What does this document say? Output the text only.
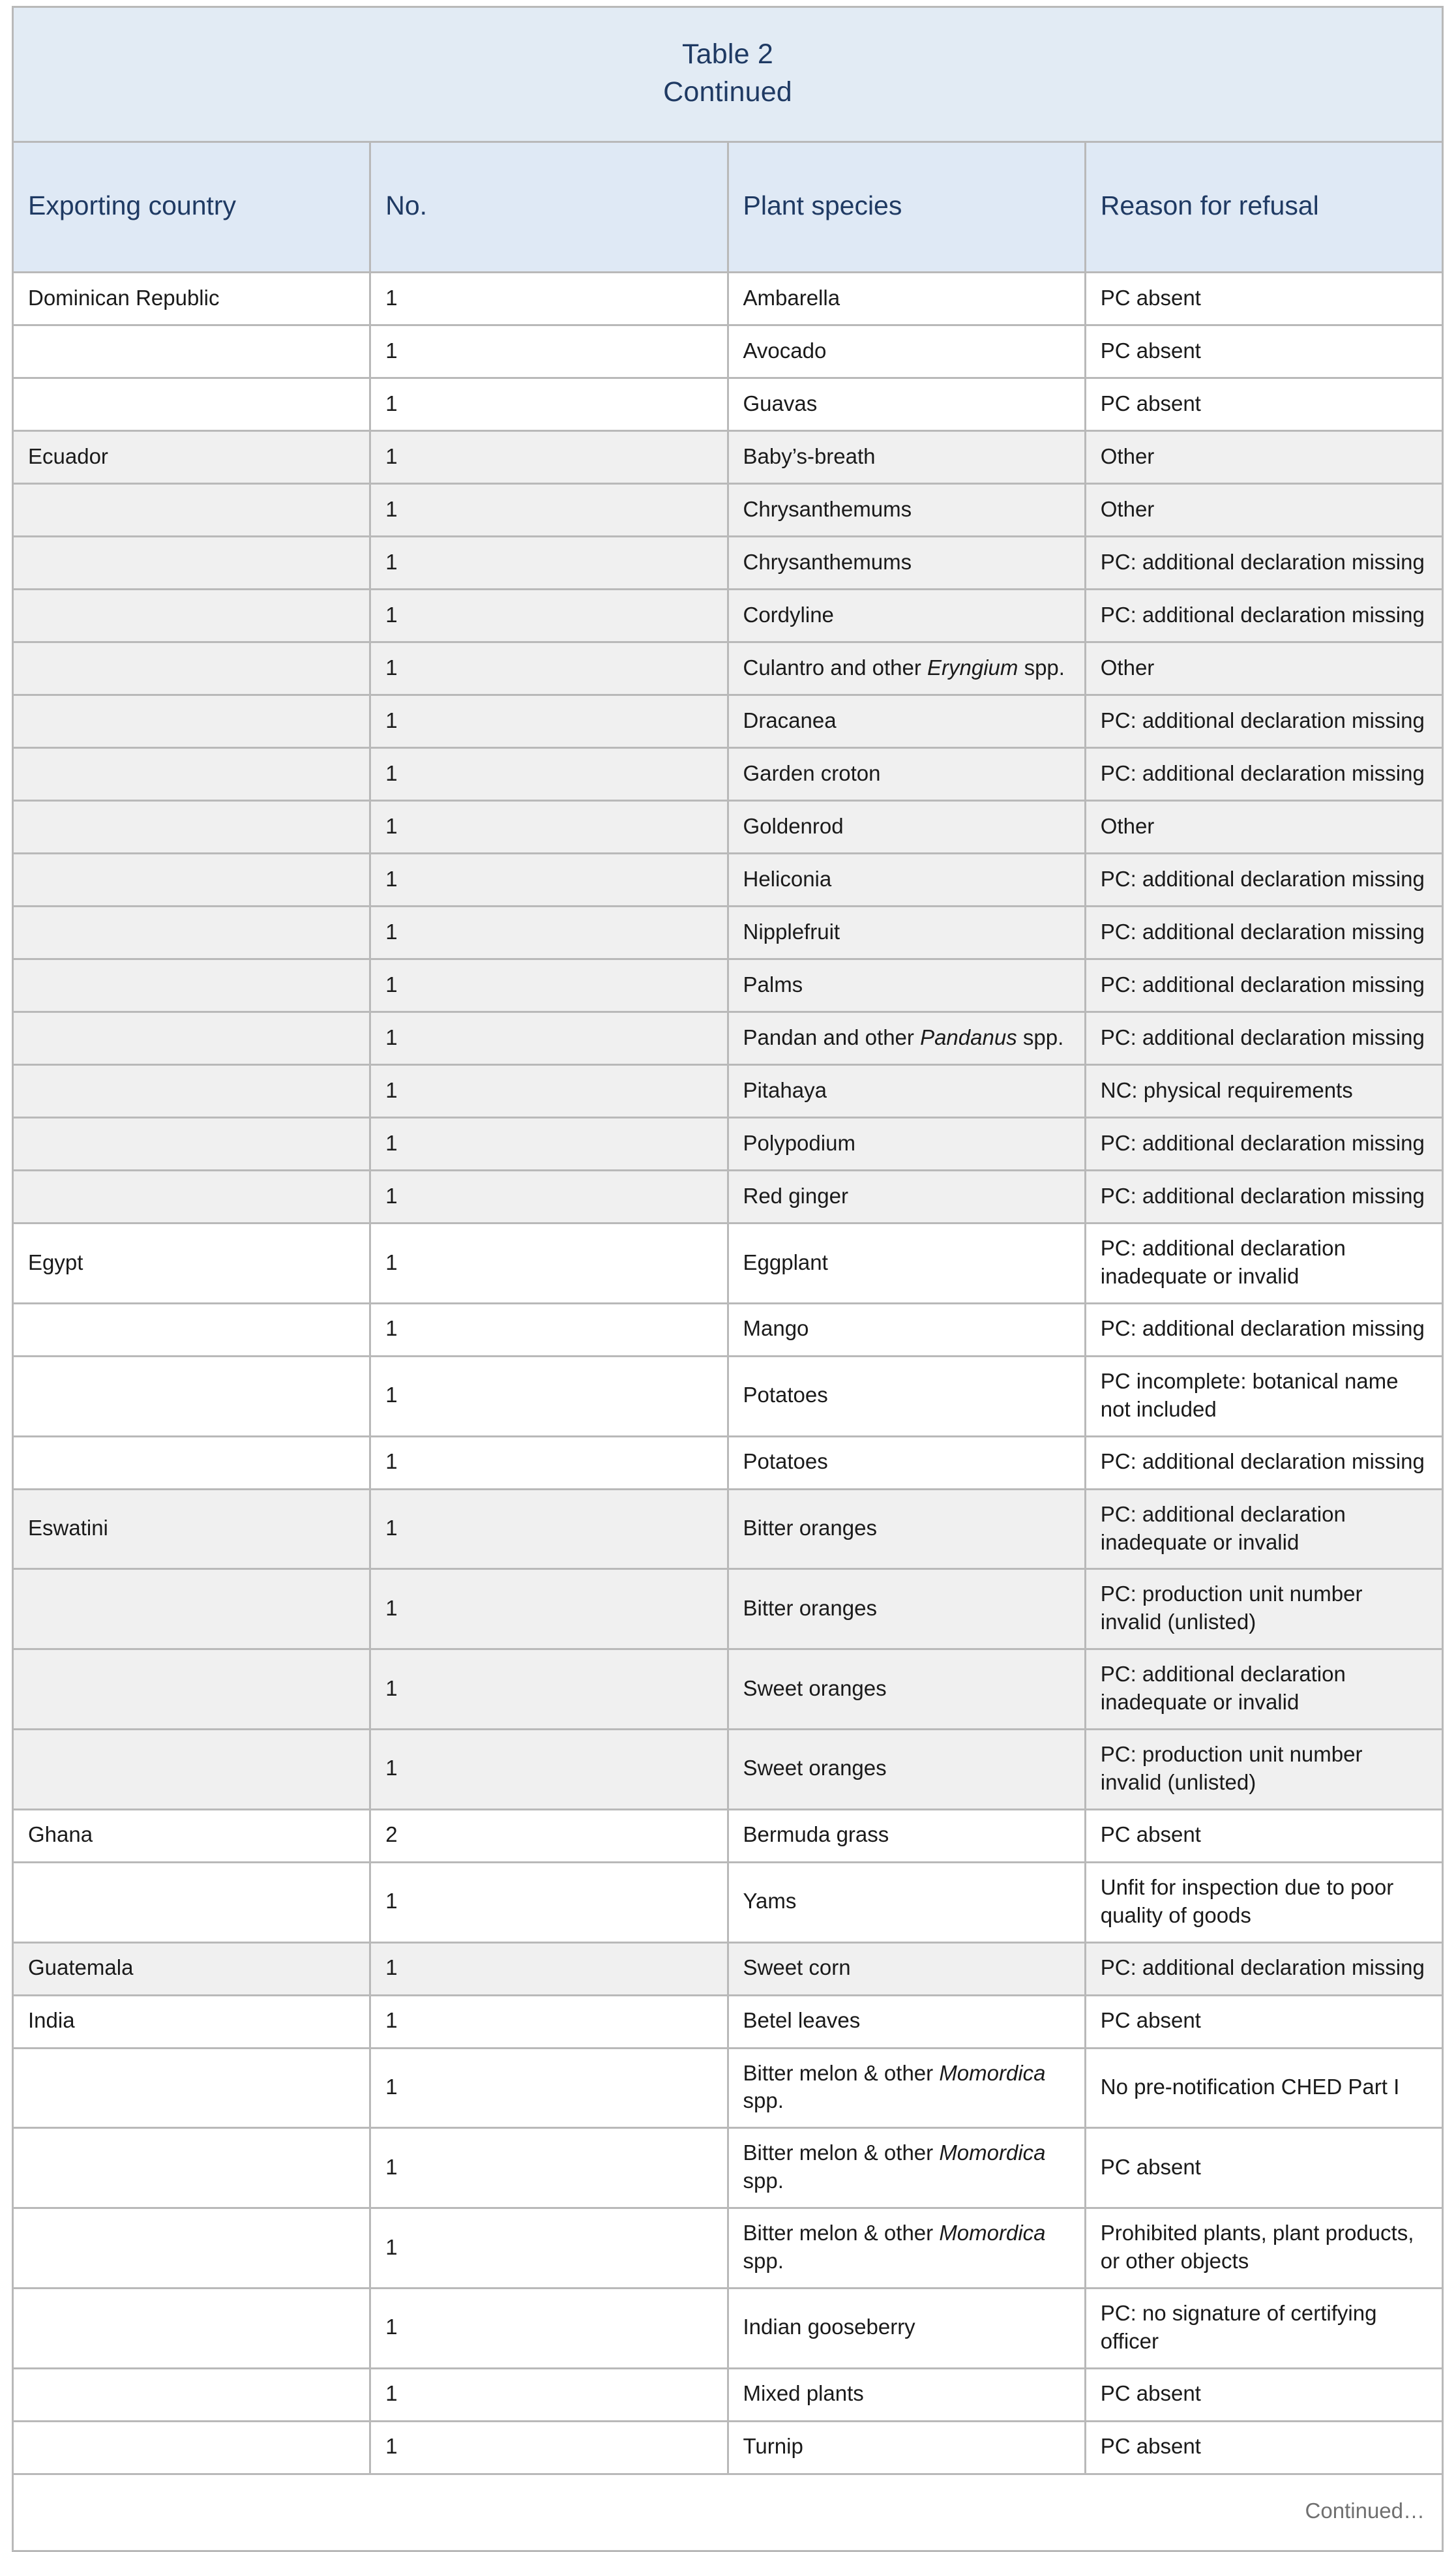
Table 2
Continued			

Exporting country	No.	Plant species	Reason for refusal
Dominican Republic	1	Ambarella	PC absent
	1	Avocado	PC absent
	1	Guavas	PC absent
Ecuador	1	Baby’s-breath	Other
	1	Chrysanthemums	Other
	1	Chrysanthemums	PC: additional declaration missing
	1	Cordyline	PC: additional declaration missing
	1	Culantro and other Eryngium spp.	Other
	1	Dracanea	PC: additional declaration missing
	1	Garden croton	PC: additional declaration missing
	1	Goldenrod	Other
	1	Heliconia	PC: additional declaration missing
	1	Nipplefruit	PC: additional declaration missing
	1	Palms	PC: additional declaration missing
	1	Pandan and other Pandanus spp.	PC: additional declaration missing
	1	Pitahaya	NC: physical requirements
	1	Polypodium	PC: additional declaration missing
	1	Red ginger	PC: additional declaration missing
Egypt	1	Eggplant	PC: additional declaration inadequate or invalid
	1	Mango	PC: additional declaration missing
	1	Potatoes	PC incomplete: botanical name not included
	1	Potatoes	PC: additional declaration missing
Eswatini	1	Bitter oranges	PC: additional declaration inadequate or invalid
	1	Bitter oranges	PC: production unit number invalid (unlisted)
	1	Sweet oranges	PC: additional declaration inadequate or invalid
	1	Sweet oranges	PC: production unit number invalid (unlisted)
Ghana	2	Bermuda grass	PC absent
	1	Yams	Unfit for inspection due to poor quality of goods
Guatemala	1	Sweet corn	PC: additional declaration missing
India	1	Betel leaves	PC absent
	1	Bitter melon & other Momordica spp.	No pre-notification CHED Part I
	1	Bitter melon & other Momordica spp.	PC absent
	1	Bitter melon & other Momordica spp.	Prohibited plants, plant products, or other objects
	1	Indian gooseberry	PC: no signature of certifying officer
	1	Mixed plants	PC absent
	1	Turnip	PC absent
Continued…			
